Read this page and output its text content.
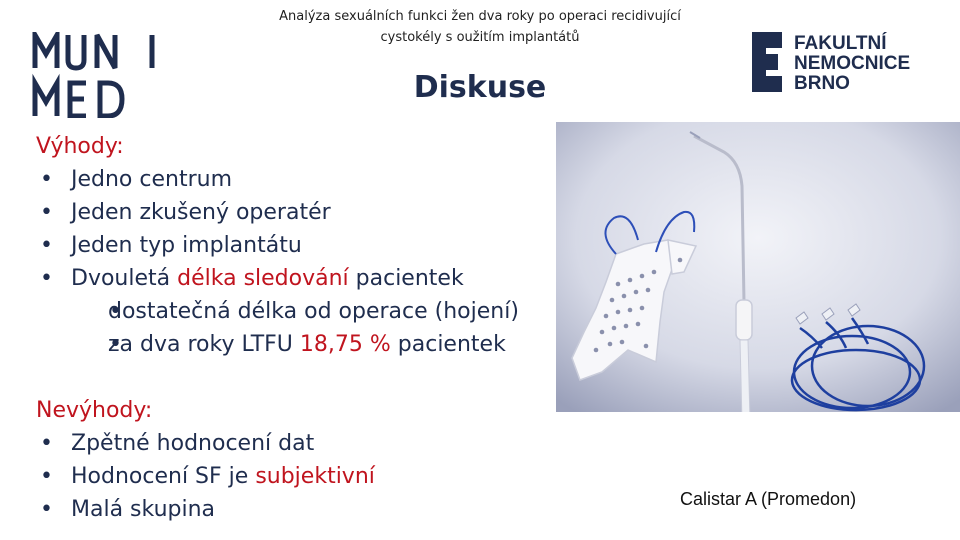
Analýza sexuálních funkci žen dva roky po operaci recidivující
cystokély s oužitím implantátů	FAKULTNÍ
NEMOCNICE
BRNO
Diskuse
Výhody:
• Jedno centrum
• Jeden zkušený operatér
• Jeden typ implantátu
• Dvouletá délka sledování pacientek
• dostatečná délka od operace (hojení)
• za dva roky LTFU 18,75 % pacientek
Nevýhody:
• Zpětné hodnocení dat
• Hodnocení SF je subjektivní
• Malá skupina	Calistar A (Promedon)
